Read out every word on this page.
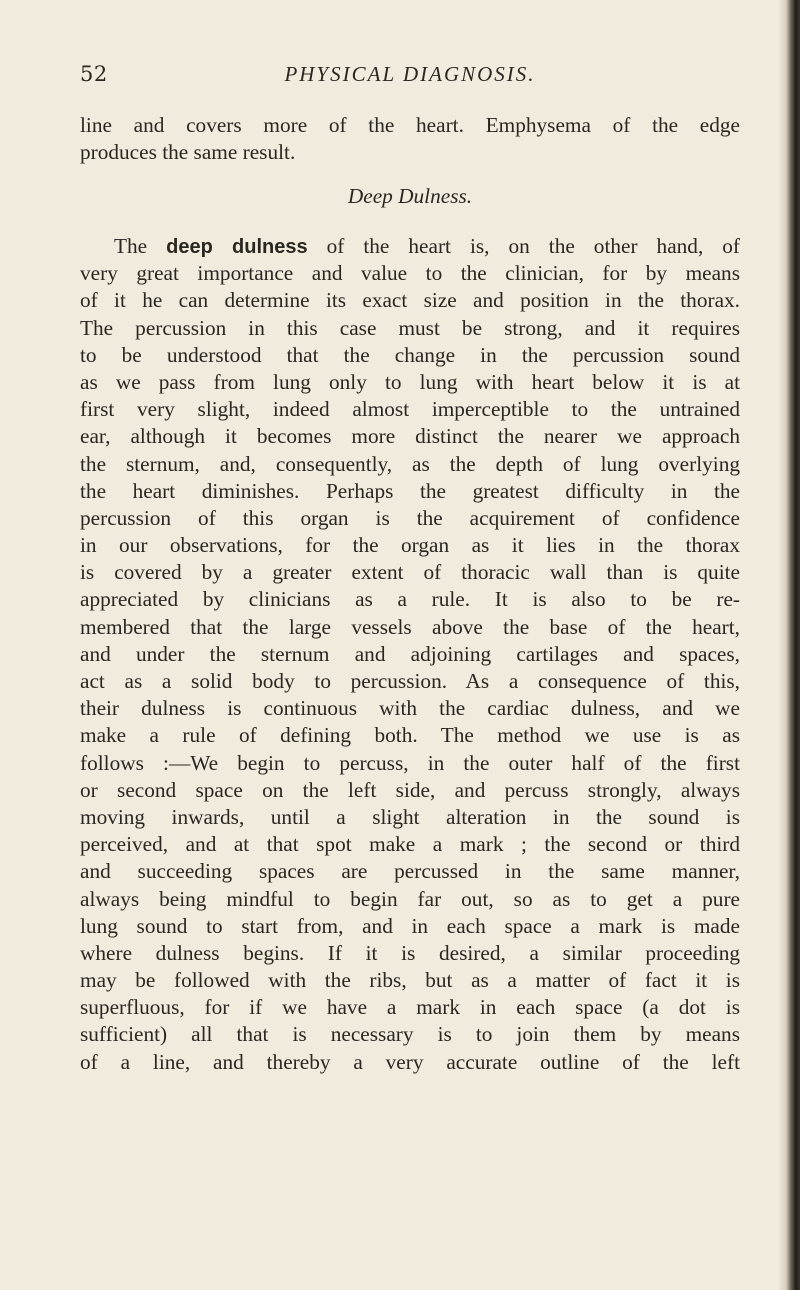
52	PHYSICAL DIAGNOSIS.
line and covers more of the heart. Emphysema of the edge
produces the same result.
Deep Dulness.
The deep dulness of the heart is, on the other hand, of
very great importance and value to the clinician, for by means
of it he can determine its exact size and position in the thorax.
The percussion in this case must be strong, and it requires
to be understood that the change in the percussion sound
as we pass from lung only to lung with heart below it is at
first very slight, indeed almost imperceptible to the untrained
ear, although it becomes more distinct the nearer we approach
the sternum, and, consequently, as the depth of lung overlying
the heart diminishes. Perhaps the greatest difficulty in the
percussion of this organ is the acquirement of confidence
in our observations, for the organ as it lies in the thorax
is covered by a greater extent of thoracic wall than is quite
appreciated by clinicians as a rule. It is also to be re-
membered that the large vessels above the base of the heart,
and under the sternum and adjoining cartilages and spaces,
act as a solid body to percussion. As a consequence of this,
their dulness is continuous with the cardiac dulness, and we
make a rule of defining both. The method we use is as
follows :—We begin to percuss, in the outer half of the first
or second space on the left side, and percuss strongly, always
moving inwards, until a slight alteration in the sound is
perceived, and at that spot make a mark ; the second or third
and succeeding spaces are percussed in the same manner,
always being mindful to begin far out, so as to get a pure
lung sound to start from, and in each space a mark is made
where dulness begins. If it is desired, a similar proceeding
may be followed with the ribs, but as a matter of fact it is
superfluous, for if we have a mark in each space (a dot is
sufficient) all that is necessary is to join them by means
of a line, and thereby a very accurate outline of the left
